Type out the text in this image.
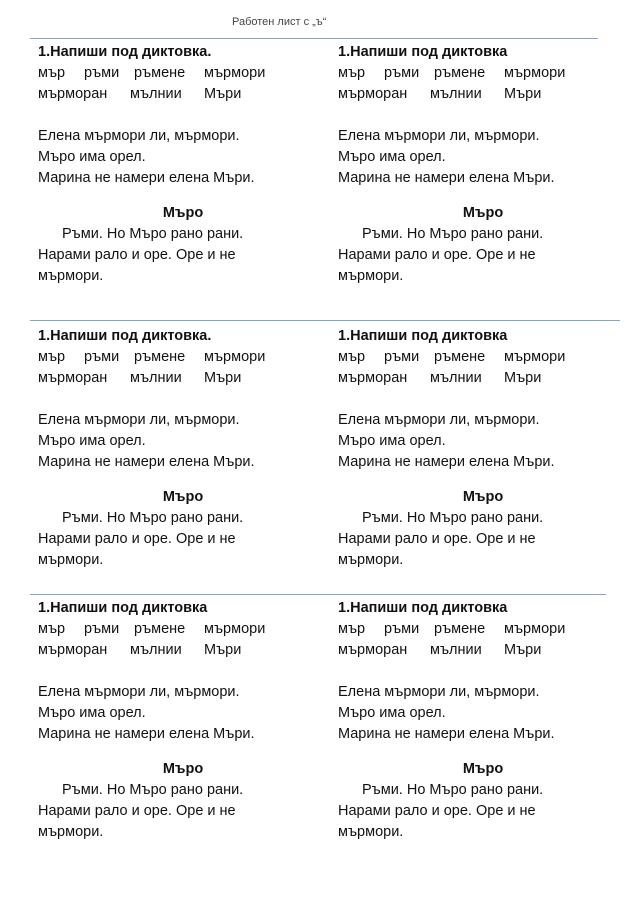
Работен лист с „ъ“
1.Напиши под диктовка.
мър	ръми	ръмене	мърмори
мърморан	мълнии	Мъри
Елена мърмори ли, мърмори.
Мъро има орел.
Марина не намери елена Мъри.
Мъро
Ръми. Но Мъро рано рани.
Нарами рало и оре. Оре и не
мърмори.
1.Напиши под диктовка
мър	ръми	ръмене	мърмори
мърморан	мълнии	Мъри
Елена мърмори ли, мърмори.
Мъро има орел.
Марина не намери елена Мъри.
Мъро
Ръми. Но Мъро рано рани.
Нарами рало и оре. Оре и не
мърмори.
1.Напиши под диктовка.
мър	ръми	ръмене	мърмори
мърморан	мълнии	Мъри
Елена мърмори ли, мърмори.
Мъро има орел.
Марина не намери елена Мъри.
Мъро
Ръми. Но Мъро рано рани.
Нарами рало и оре. Оре и не
мърмори.
1.Напиши под диктовка
мър	ръми	ръмене	мърмори
мърморан	мълнии	Мъри
Елена мърмори ли, мърмори.
Мъро има орел.
Марина не намери елена Мъри.
Мъро
Ръми. Но Мъро рано рани.
Нарами рало и оре. Оре и не
мърмори.
1.Напиши под диктовка
мър	ръми	ръмене	мърмори
мърморан	мълнии	Мъри
Елена мърмори ли, мърмори.
Мъро има орел.
Марина не намери елена Мъри.
Мъро
Ръми. Но Мъро рано рани.
Нарами рало и оре. Оре и не
мърмори.
1.Напиши под диктовка
мър	ръми	ръмене	мърмори
мърморан	мълнии	Мъри
Елена мърмори ли, мърмори.
Мъро има орел.
Марина не намери елена Мъри.
Мъро
Ръми. Но Мъро рано рани.
Нарами рало и оре. Оре и не
мърмори.
